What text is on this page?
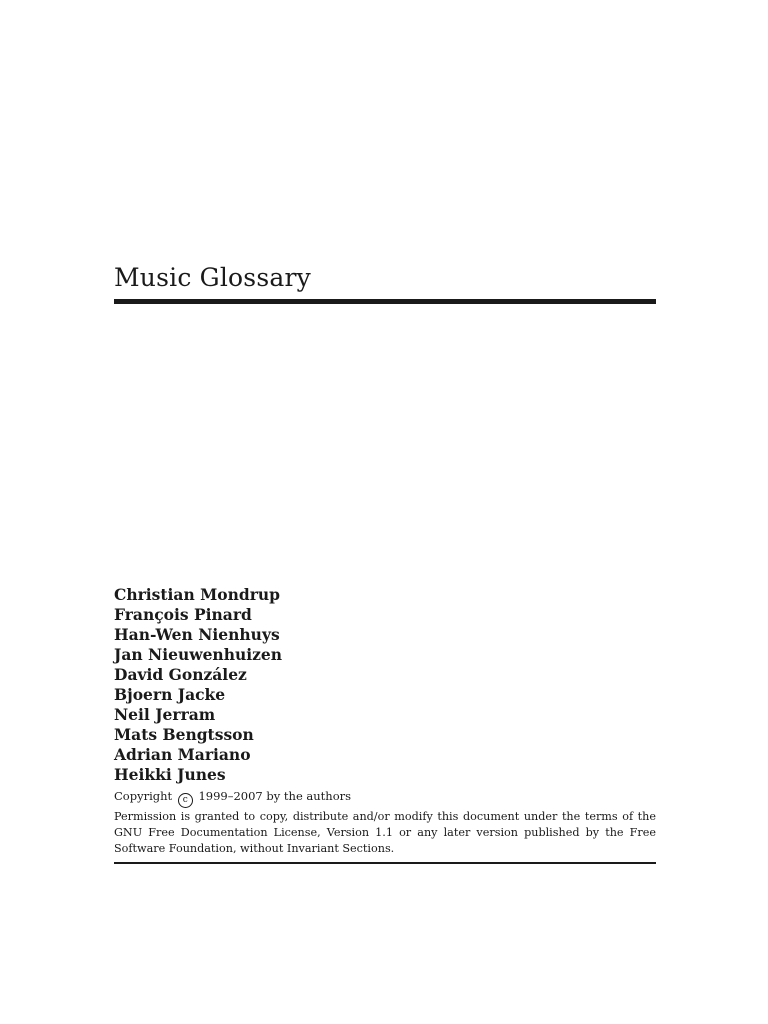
Music Glossary
Christian Mondrup
François Pinard
Han-Wen Nienhuys
Jan Nieuwenhuizen
David González
Bjoern Jacke
Neil Jerram
Mats Bengtsson
Adrian Mariano
Heikki Junes
Copyright c 1999–2007 by the authors

Permission is granted to copy, distribute and/or modify this document under the terms of the GNU Free Documentation License, Version 1.1 or any later version published by the Free Software Foundation, without Invariant Sections.
